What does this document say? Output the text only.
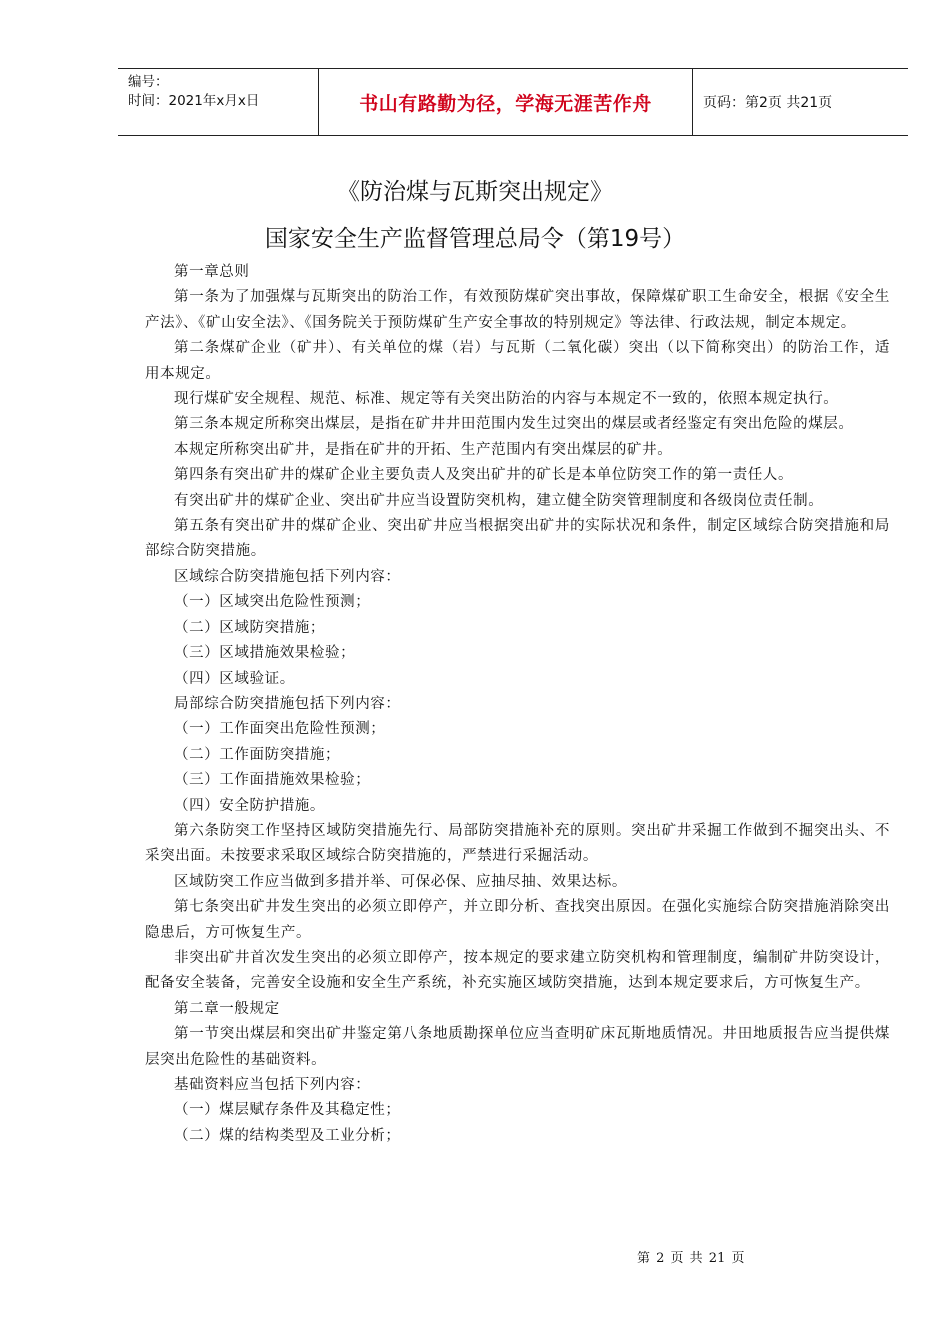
编号：
时间：2021年x月x日	书山有路勤为径，学海无涯苦作舟	页码：第2页 共21页
《防治煤与瓦斯突出规定》
国家安全生产监督管理总局令（第19号）

第一章总则

第一条为了加强煤与瓦斯突出的防治工作，有效预防煤矿突出事故，保障煤矿职工生命安全，根据《安全生产法》、《矿山安全法》、《国务院关于预防煤矿生产安全事故的特别规定》等法律、行政法规，制定本规定。

第二条煤矿企业（矿井）、有关单位的煤（岩）与瓦斯（二氧化碳）突出（以下简称突出）的防治工作，适用本规定。

现行煤矿安全规程、规范、标准、规定等有关突出防治的内容与本规定不一致的，依照本规定执行。

第三条本规定所称突出煤层，是指在矿井井田范围内发生过突出的煤层或者经鉴定有突出危险的煤层。

本规定所称突出矿井，是指在矿井的开拓、生产范围内有突出煤层的矿井。

第四条有突出矿井的煤矿企业主要负责人及突出矿井的矿长是本单位防突工作的第一责任人。

有突出矿井的煤矿企业、突出矿井应当设置防突机构，建立健全防突管理制度和各级岗位责任制。

第五条有突出矿井的煤矿企业、突出矿井应当根据突出矿井的实际状况和条件，制定区域综合防突措施和局部综合防突措施。

区域综合防突措施包括下列内容：

（一）区域突出危险性预测；

（二）区域防突措施；

（三）区域措施效果检验；

（四）区域验证。

局部综合防突措施包括下列内容：

（一）工作面突出危险性预测；

（二）工作面防突措施；

（三）工作面措施效果检验；

（四）安全防护措施。

第六条防突工作坚持区域防突措施先行、局部防突措施补充的原则。突出矿井采掘工作做到不掘突出头、不采突出面。未按要求采取区域综合防突措施的，严禁进行采掘活动。

区域防突工作应当做到多措并举、可保必保、应抽尽抽、效果达标。

第七条突出矿井发生突出的必须立即停产，并立即分析、查找突出原因。在强化实施综合防突措施消除突出隐患后，方可恢复生产。

非突出矿井首次发生突出的必须立即停产，按本规定的要求建立防突机构和管理制度，编制矿井防突设计，配备安全装备，完善安全设施和安全生产系统，补充实施区域防突措施，达到本规定要求后，方可恢复生产。

第二章一般规定

第一节突出煤层和突出矿井鉴定第八条地质勘探单位应当查明矿床瓦斯地质情况。井田地质报告应当提供煤层突出危险性的基础资料。

基础资料应当包括下列内容：

（一）煤层赋存条件及其稳定性；

（二）煤的结构类型及工业分析；

第 2 页 共 21 页
